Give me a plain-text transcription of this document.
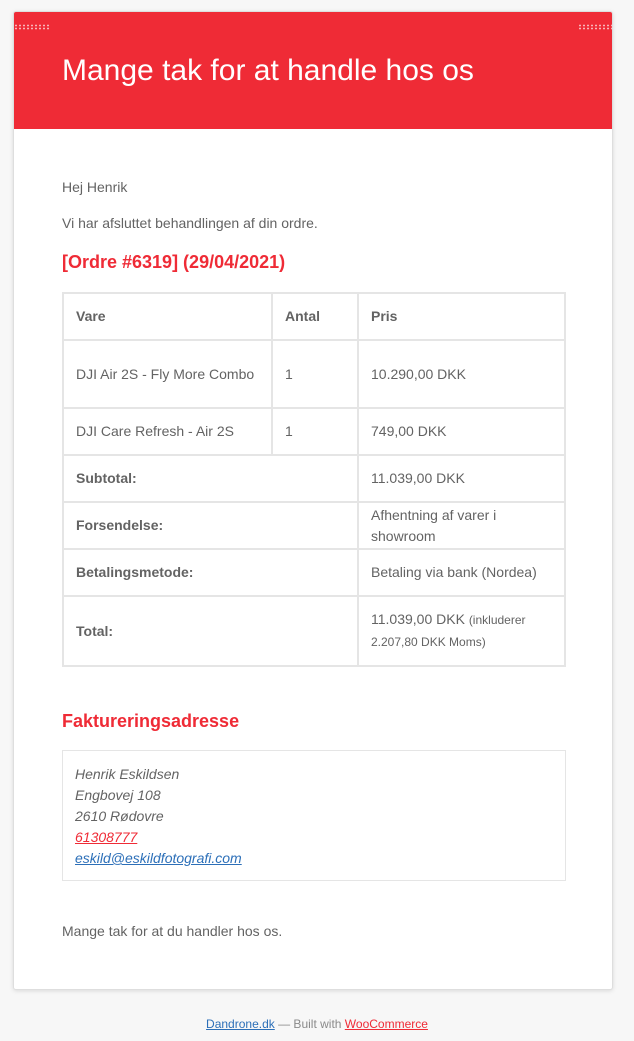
Mange tak for at handle hos os

Hej Henrik

Vi har afsluttet behandlingen af din ordre.

[Ordre #6319] (29/04/2021)
Vare	Antal	Pris
DJI Air 2S - Fly More Combo	1	10.290,00 DKK
DJI Care Refresh - Air 2S	1	749,00 DKK
Subtotal:		11.039,00 DKK
Forsendelse:		Afhentning af varer i showroom
Betalingsmetode:		Betaling via bank (Nordea)
Total:		11.039,00 DKK (inkluderer 2.207,80 DKK Moms)
Faktureringsadresse
Henrik Eskildsen
Engbovej 108
2610 Rødovre
61308777
eskild@eskildfotografi.com

Mange tak for at du handler hos os.

Dandrone.dk — Built with WooCommerce
